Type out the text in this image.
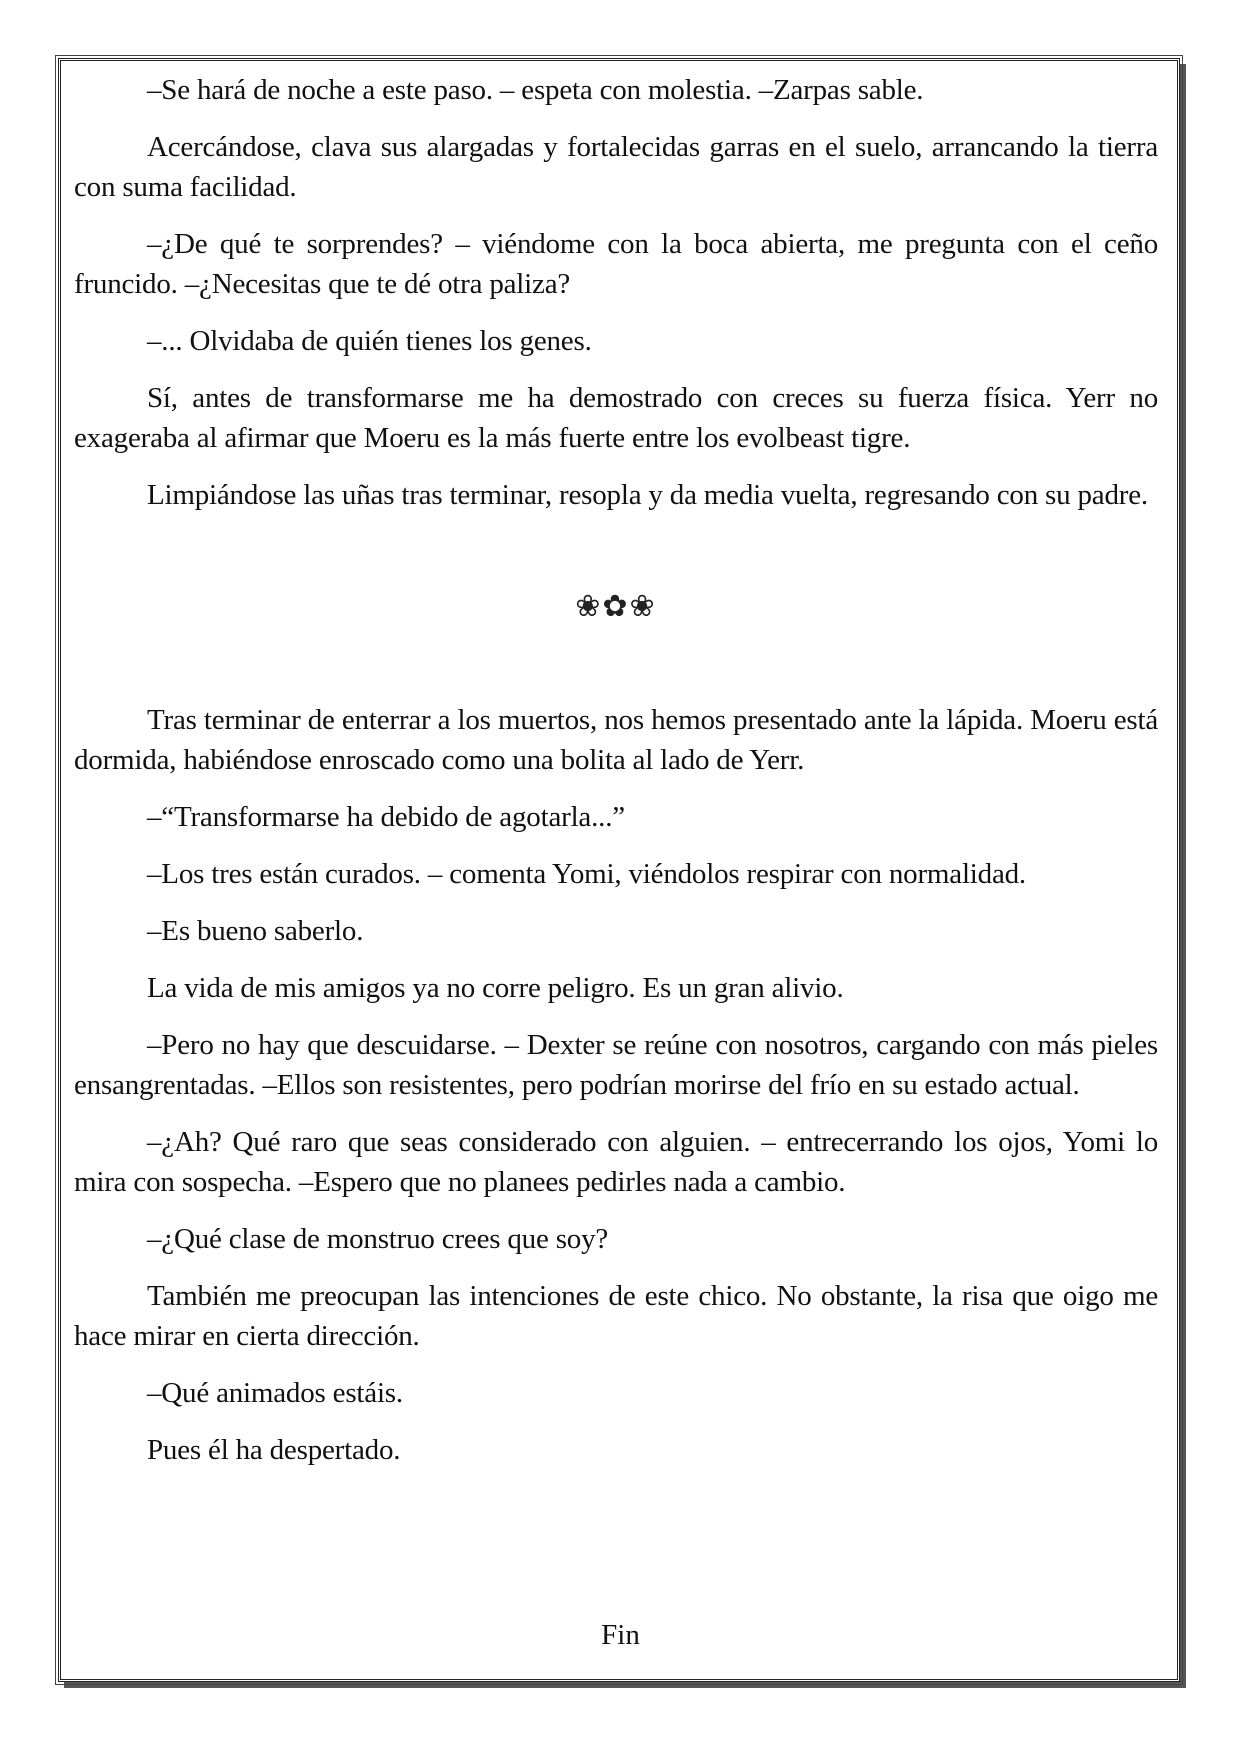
–Se hará de noche a este paso. – espeta con molestia. –Zarpas sable.

Acercándose, clava sus alargadas y fortalecidas garras en el suelo, arrancando la tierra con suma facilidad.

–¿De qué te sorprendes? – viéndome con la boca abierta, me pregunta con el ceño fruncido. –¿Necesitas que te dé otra paliza?

–... Olvidaba de quién tienes los genes.

Sí, antes de transformarse me ha demostrado con creces su fuerza física. Yerr no exageraba al afirmar que Moeru es la más fuerte entre los evolbeast tigre.

Limpiándose las uñas tras terminar, resopla y da media vuelta, regresando con su padre.

❀✿❀

Tras terminar de enterrar a los muertos, nos hemos presentado ante la lápida. Moeru está dormida, habiéndose enroscado como una bolita al lado de Yerr.

–“Transformarse ha debido de agotarla...”

–Los tres están curados. – comenta Yomi, viéndolos respirar con normalidad.

–Es bueno saberlo.

La vida de mis amigos ya no corre peligro. Es un gran alivio.

–Pero no hay que descuidarse. – Dexter se reúne con nosotros, cargando con más pieles ensangrentadas. –Ellos son resistentes, pero podrían morirse del frío en su estado actual.

–¿Ah? Qué raro que seas considerado con alguien. – entrecerrando los ojos, Yomi lo mira con sospecha. –Espero que no planees pedirles nada a cambio.

–¿Qué clase de monstruo crees que soy?

También me preocupan las intenciones de este chico. No obstante, la risa que oigo me hace mirar en cierta dirección.

–Qué animados estáis.

Pues él ha despertado.

Fin
